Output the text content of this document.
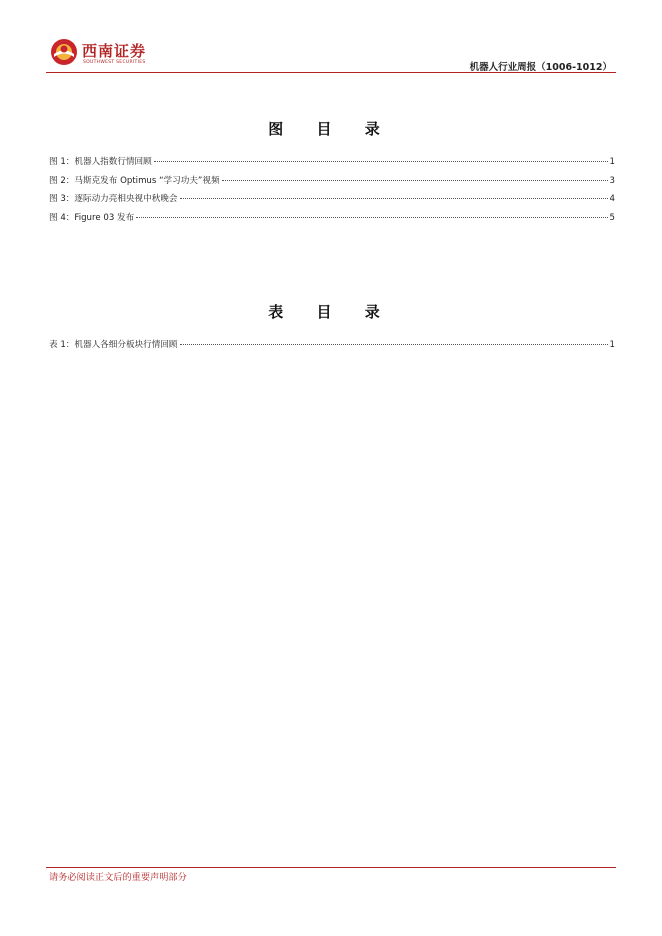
西南证券
SOUTHWEST SECURITIES	机器人行业周报（1006-1012）
图 目 录
图 1：机器人指数行情回顾	1
图 2：马斯克发布 Optimus “学习功夫”视频	3
图 3：逐际动力亮相央视中秋晚会	4
图 4：Figure 03 发布	5
表 目 录
表 1：机器人各细分板块行情回顾	1
请务必阅读正文后的重要声明部分
